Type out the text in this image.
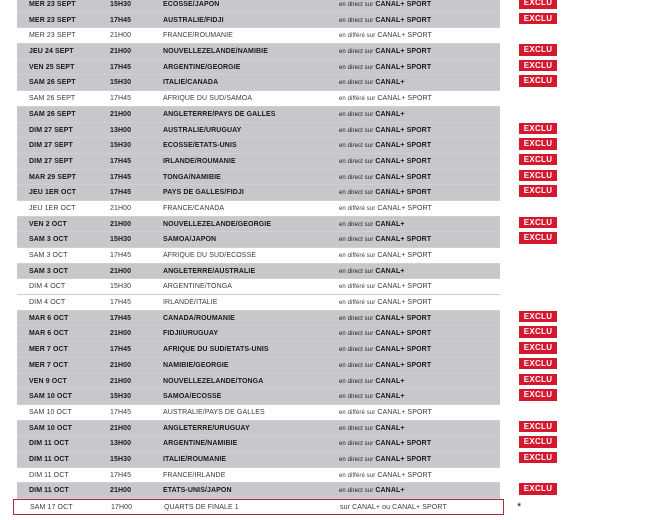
MER 23 SEPT	15H30	ECOSSE/JAPON	en direct sur CANAL+ SPORT	EXCLU
MER 23 SEPT	17H45	AUSTRALIE/FIDJI	en direct sur CANAL+ SPORT	EXCLU
MER 23 SEPT	21H00	FRANCE/ROUMANIE	en différé sur CANAL+ SPORT
JEU 24 SEPT	21H00	NOUVELLEZELANDE/NAMIBIE	en direct sur CANAL+ SPORT	EXCLU
VEN 25 SEPT	17H45	ARGENTINE/GEORGIE	en direct sur CANAL+ SPORT	EXCLU
SAM 26 SEPT	15H30	ITALIE/CANADA	en direct sur CANAL+	EXCLU
SAM 26 SEPT	17H45	AFRIQUE DU SUD/SAMOA	en différé sur CANAL+ SPORT
SAM 26 SEPT	21H00	ANGLETERRE/PAYS DE GALLES	en direct sur CANAL+
DIM 27 SEPT	13H00	AUSTRALIE/URUGUAY	en direct sur CANAL+ SPORT	EXCLU
DIM 27 SEPT	15H30	ECOSSE/ETATS-UNIS	en direct sur CANAL+ SPORT	EXCLU
DIM 27 SEPT	17H45	IRLANDE/ROUMANIE	en direct sur CANAL+ SPORT	EXCLU
MAR 29 SEPT	17H45	TONGA/NAMIBIE	en direct sur CANAL+ SPORT	EXCLU
JEU 1ER OCT	17H45	PAYS DE GALLES/FIDJI	en direct sur CANAL+ SPORT	EXCLU
JEU 1ER OCT	21H00	FRANCE/CANADA	en différé sur CANAL+ SPORT
VEN 2 OCT	21H00	NOUVELLEZELANDE/GEORGIE	en direct sur CANAL+	EXCLU
SAM 3 OCT	15H30	SAMOA/JAPON	en direct sur CANAL+ SPORT	EXCLU
SAM 3 OCT	17H45	AFRIQUE DU SUD/ECOSSE	en différé sur CANAL+ SPORT
SAM 3 OCT	21H00	ANGLETERRE/AUSTRALIE	en direct sur CANAL+
DIM 4 OCT	15H30	ARGENTINE/TONGA	en différé sur CANAL+ SPORT
DIM 4 OCT	17H45	IRLANDE/ITALIE	en différé sur CANAL+ SPORT
MAR 6 OCT	17H45	CANADA/ROUMANIE	en direct sur CANAL+ SPORT	EXCLU
MAR 6 OCT	21H00	FIDJI/URUGUAY	en direct sur CANAL+ SPORT	EXCLU
MER 7 OCT	17H45	AFRIQUE DU SUD/ETATS-UNIS	en direct sur CANAL+ SPORT	EXCLU
MER 7 OCT	21H00	NAMIBIE/GEORGIE	en direct sur CANAL+ SPORT	EXCLU
VEN 9 OCT	21H00	NOUVELLEZELANDE/TONGA	en direct sur CANAL+	EXCLU
SAM 10 OCT	15H30	SAMOA/ECOSSE	en direct sur CANAL+	EXCLU
SAM 10 OCT	17H45	AUSTRALIE/PAYS DE GALLES	en différé sur CANAL+ SPORT
SAM 10 OCT	21H00	ANGLETERRE/URUGUAY	en direct sur CANAL+	EXCLU
DIM 11 OCT	13H00	ARGENTINE/NAMIBIE	en direct sur CANAL+ SPORT	EXCLU
DIM 11 OCT	15H30	ITALIE/ROUMANIE	en direct sur CANAL+ SPORT	EXCLU
DIM 11 OCT	17H45	FRANCE/IRLANDE	en différé sur CANAL+ SPORT
DIM 11 OCT	21H00	ETATS-UNIS/JAPON	en direct sur CANAL+	EXCLU
SAM 17 OCT	17H00	QUARTS DE FINALE 1	sur CANAL+ ou CANAL+ SPORT	*
